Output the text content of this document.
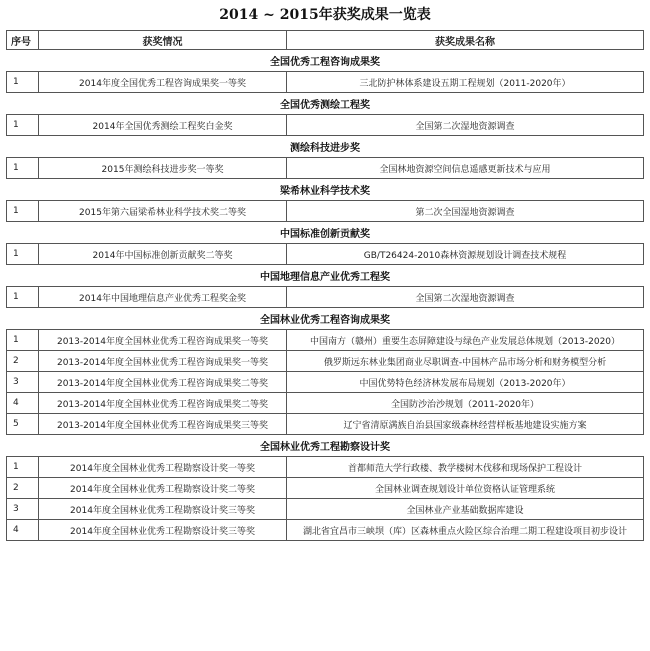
2014 ~ 2015年获奖成果一览表
序号	获奖情况	获奖成果名称
全国优秀工程咨询成果奖		
1	2014年度全国优秀工程咨询成果奖一等奖	三北防护林体系建设五期工程规划（2011-2020年）
全国优秀测绘工程奖		
1	2014年全国优秀测绘工程奖白金奖	全国第二次湿地资源调查
测绘科技进步奖		
1	2015年测绘科技进步奖一等奖	全国林地资源空间信息遥感更新技术与应用
梁希林业科学技术奖		
1	2015年第六届梁希林业科学技术奖二等奖	第二次全国湿地资源调查
中国标准创新贡献奖		
1	2014年中国标准创新贡献奖二等奖	GB/T26424-2010森林资源规划设计调查技术规程
中国地理信息产业优秀工程奖		
1	2014年中国地理信息产业优秀工程奖金奖	全国第二次湿地资源调查
全国林业优秀工程咨询成果奖		
1	2013-2014年度全国林业优秀工程咨询成果奖一等奖	中国南方（赣州）重要生态屏障建设与绿色产业发展总体规划（2013-2020）
2	2013-2014年度全国林业优秀工程咨询成果奖一等奖	俄罗斯远东林业集团商业尽职调查-中国林产品市场分析和财务模型分析
3	2013-2014年度全国林业优秀工程咨询成果奖二等奖	中国优势特色经济林发展布局规划（2013-2020年）
4	2013-2014年度全国林业优秀工程咨询成果奖二等奖	全国防沙治沙规划（2011-2020年）
5	2013-2014年度全国林业优秀工程咨询成果奖三等奖	辽宁省清原满族自治县国家级森林经营样板基地建设实施方案
全国林业优秀工程勘察设计奖		
1	2014年度全国林业优秀工程勘察设计奖一等奖	首都师范大学行政楼、教学楼树木伐移和现场保护工程设计
2	2014年度全国林业优秀工程勘察设计奖二等奖	全国林业调查规划设计单位资格认证管理系统
3	2014年度全国林业优秀工程勘察设计奖三等奖	全国林业产业基础数据库建设
4	2014年度全国林业优秀工程勘察设计奖三等奖	湖北省宜昌市三峡坝（库）区森林重点火险区综合治理二期工程建设项目初步设计
